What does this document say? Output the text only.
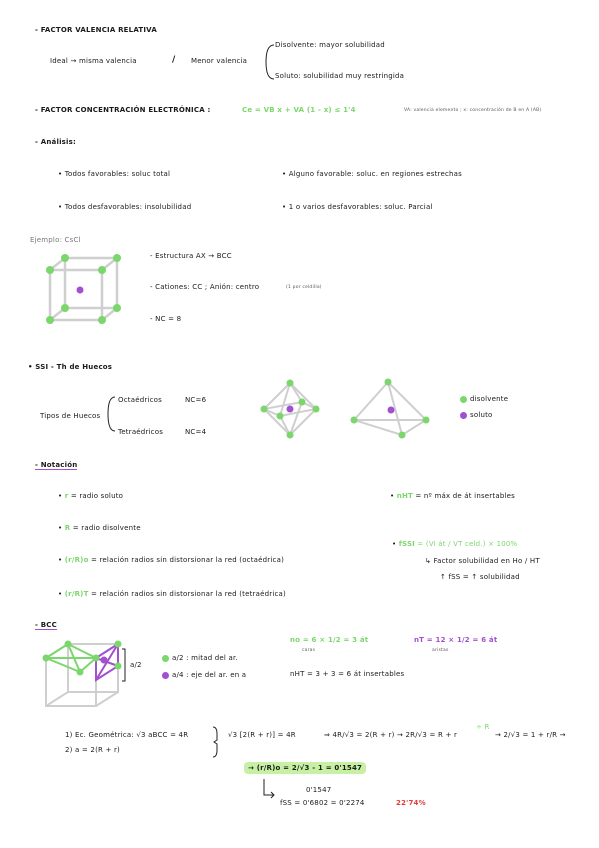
- FACTOR VALENCIA RELATIVA
Ideal → misma valencia	/ Menor valencia
Disolvente: mayor solubilidad
Soluto: solubilidad muy restringida
- FACTOR CONCENTRACIÓN ELECTRÓNICA :	Ce = VB x + VA (1 - x) ≤ 1'4	VA: valencia elemento ; x: concentración de B en A (AB)
- Análisis:
• Todos favorables: soluc total	• Alguno favorable: soluc. en regiones estrechas
• Todos desfavorables: insolubilidad	• 1 o varios desfavorables: soluc. Parcial
Ejemplo: CsCl
- Estructura AX → BCC
- Cationes: CC ; Anión: centro	(1 por celdilla)
- NC = 8
• SSI - Th de Huecos
Tipos de Huecos
Octaédricos	NC=6
Tetraédricos	NC=4
disolvente
soluto
- Notación
• r = radio soluto
• R = radio disolvente
• (r/R)o = relación radios sin distorsionar la red (octaédrica)
• (r/R)T = relación radios sin distorsionar la red (tetraédrica)
• nHT = nº máx de át insertables
• fSSI = (Vi át / VT celd.) × 100%
↳ Factor solubilidad en Ho / HT
↑ fSS = ↑ solubilidad
- BCC
a/2
a/2 : mitad del ar.
a/4 : eje del ar. en a
no = 6 × 1/2 = 3 át
caras
nT = 12 × 1/2 = 6 át
aristas
nHT = 3 + 3 = 6 át insertables
1) Ec. Geométrica: √3 aBCC = 4R
2) a = 2(R + r)
√3 [2(R + r)] = 4R	⇒ 4R/√3 = 2(R + r) → 2R/√3 = R + r
÷ R
→ 2/√3 = 1 + r/R →
→ (r/R)o = 2/√3 - 1 = 0'1547
0'1547
fSS = 0'6802 = 0'2274	22'74%
